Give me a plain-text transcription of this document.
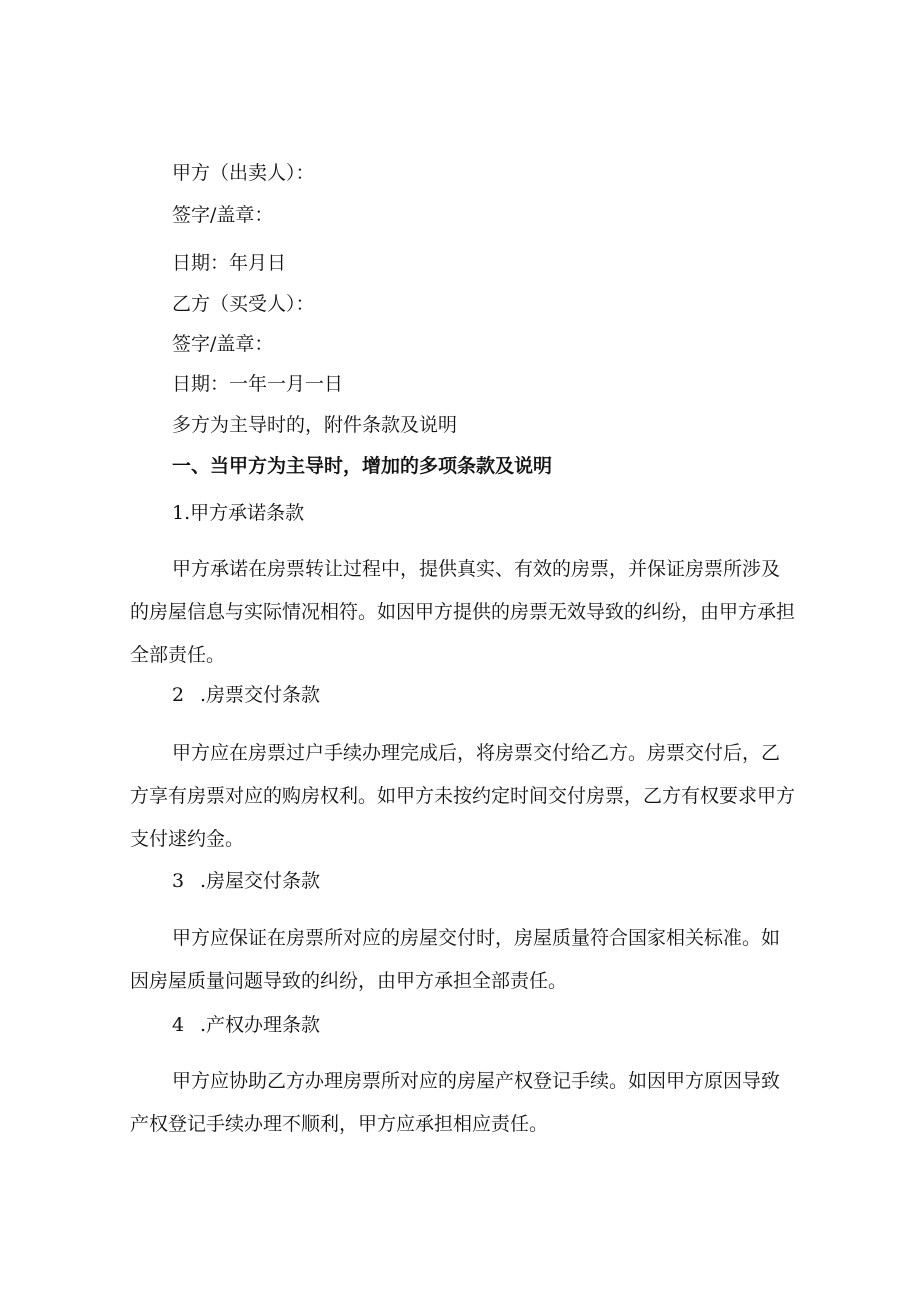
甲方（出卖人）：
签字/盖章：
日期：年月日
乙方（买受人）：
签字/盖章：
日期：一年一月一日
多方为主导时的，附件条款及说明
一、当甲方为主导时，增加的多项条款及说明
1.甲方承诺条款

甲方承诺在房票转让过程中，提供真实、有效的房票，并保证房票所涉及的房屋信息与实际情况相符。如因甲方提供的房票无效导致的纠纷，由甲方承担全部责任。

2 .房票交付条款

甲方应在房票过户手续办理完成后，将房票交付给乙方。房票交付后，乙方享有房票对应的购房权利。如甲方未按约定时间交付房票，乙方有权要求甲方支付逑约金。

3 .房屋交付条款

甲方应保证在房票所对应的房屋交付时，房屋质量符合国家相关标准。如因房屋质量问题导致的纠纷，由甲方承担全部责任。

4 .产权办理条款

甲方应协助乙方办理房票所对应的房屋产权登记手续。如因甲方原因导致产权登记手续办理不顺利，甲方应承担相应责任。
